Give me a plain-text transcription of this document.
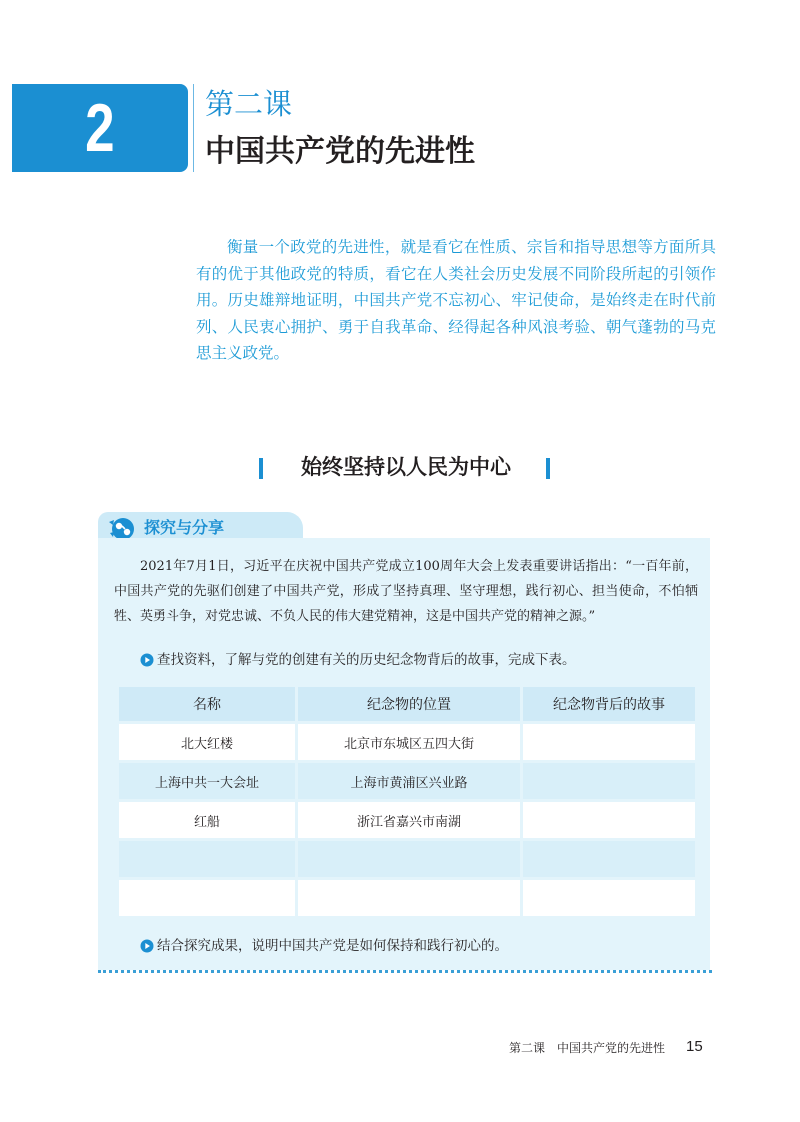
2	第二课
中国共产党的先进性

衡量一个政党的先进性，就是看它在性质、宗旨和指导思想等方面所具有的优于其他政党的特质，看它在人类社会历史发展不同阶段所起的引领作用。历史雄辩地证明，中国共产党不忘初心、牢记使命，是始终走在时代前列、人民衷心拥护、勇于自我革命、经得起各种风浪考验、朝气蓬勃的马克思主义政党。

始终坚持以人民为中心
探究与分享

2021年7月1日，习近平在庆祝中国共产党成立100周年大会上发表重要讲话指出：“一百年前，中国共产党的先驱们创建了中国共产党，形成了坚持真理、坚守理想，践行初心、担当使命，不怕牺牲、英勇斗争，对党忠诚、不负人民的伟大建党精神，这是中国共产党的精神之源。”

查找资料，了解与党的创建有关的历史纪念物背后的故事，完成下表。
名称	纪念物的位置	纪念物背后的故事
北大红楼	北京市东城区五四大街	
上海中共一大会址	上海市黄浦区兴业路	
红船	浙江省嘉兴市南湖	

结合探究成果，说明中国共产党是如何保持和践行初心的。
第二课　中国共产党的先进性 15
